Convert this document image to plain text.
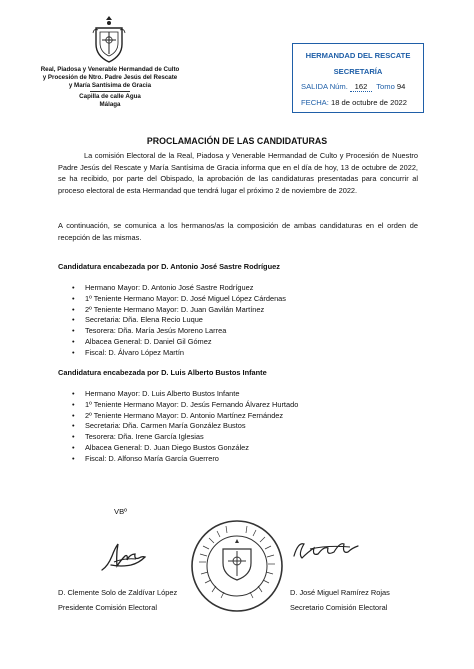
Real, Piadosa y Venerable Hermandad de Culto
y Procesión de Ntro. Padre Jesús del Rescate
y María Santísima de Gracia
Capilla de calle Agua
Málaga
HERMANDAD DEL RESCATE
SECRETARÍA
SALIDA Núm. 162 Tomo 94
FECHA: 18 de octubre de 2022
PROCLAMACIÓN DE LAS CANDIDATURAS
La comisión Electoral de la Real, Piadosa y Venerable Hermandad de Culto y Procesión de Nuestro Padre Jesús del Rescate y María Santísima de Gracia informa que en el día de hoy, 13 de octubre de 2022, se ha recibido, por parte del Obispado, la aprobación de las candidaturas presentadas para concurrir al proceso electoral de esta Hermandad que tendrá lugar el próximo 2 de noviembre de 2022.
A continuación, se comunica a los hermanos/as la composición de ambas candidaturas en el orden de recepción de las mismas.
Candidatura encabezada por D. Antonio José Sastre Rodríguez
• Hermano Mayor: D. Antonio José Sastre Rodríguez
• 1º Teniente Hermano Mayor: D. José Miguel López Cárdenas
• 2º Teniente Hermano Mayor: D. Juan Gavilán Martínez
• Secretaria: Dña. Elena Recio Luque
• Tesorera: Dña. María Jesús Moreno Larrea
• Albacea General: D. Daniel Gil Gómez
• Fiscal: D. Álvaro López Martín
Candidatura encabezada por D. Luis Alberto Bustos Infante
• Hermano Mayor: D. Luis Alberto Bustos Infante
• 1º Teniente Hermano Mayor: D. Jesús Fernando Álvarez Hurtado
• 2º Teniente Hermano Mayor: D. Antonio Martínez Fernández
• Secretaria: Dña. Carmen María González Bustos
• Tesorera: Dña. Irene García Iglesias
• Albacea General: D. Juan Diego Bustos González
• Fiscal: D. Alfonso María García Guerrero
VBº
D. Clemente Solo de Zaldívar López
Presidente Comisión Electoral
D. José Miguel Ramírez Rojas
Secretario Comisión Electoral
